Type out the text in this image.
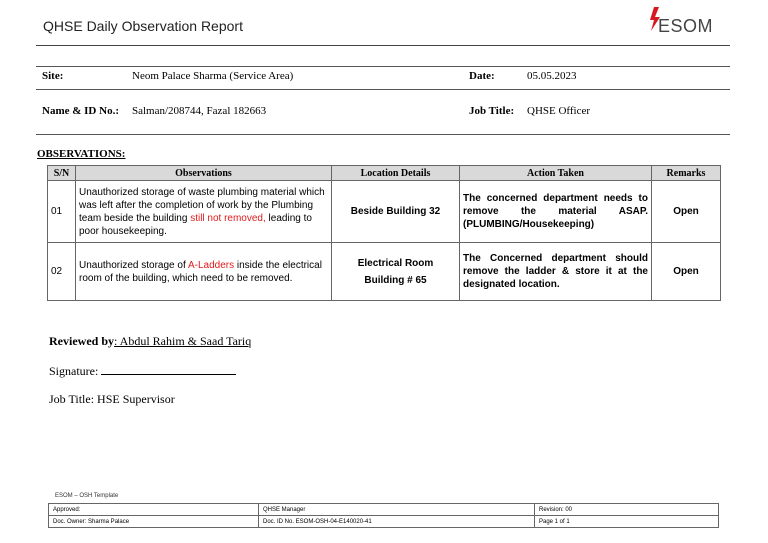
QHSE Daily Observation Report	ESOM
Site:	Neom Palace Sharma (Service Area)	Date:	05.05.2023
Name & ID No.: Salman/208744, Fazal 182663	Job Title: QHSE Officer
OBSERVATIONS:
S/N	Observations	Location Details	Action Taken	Remarks
01	Unauthorized storage of waste plumbing material which was left after the completion of work by the Plumbing team beside the building still not removed, leading to poor housekeeping.	Beside Building 32	The concerned department needs to remove the material ASAP. (PLUMBING/Housekeeping)	Open
02	Unauthorized storage of A-Ladders inside the electrical room of the building, which need to be removed.	Electrical Room Building # 65	The Concerned department should remove the ladder & store it at the designated location.	Open
Reviewed by: Abdul Rahim & Saad Tariq
Signature:
Job Title: HSE Supervisor
ESOM – OSH Template
Approved:	QHSE Manager	Revision: 00
Doc. Owner: Sharma Palace	Doc. ID No. ESOM-OSH-04-E140020-41	Page 1 of 1
